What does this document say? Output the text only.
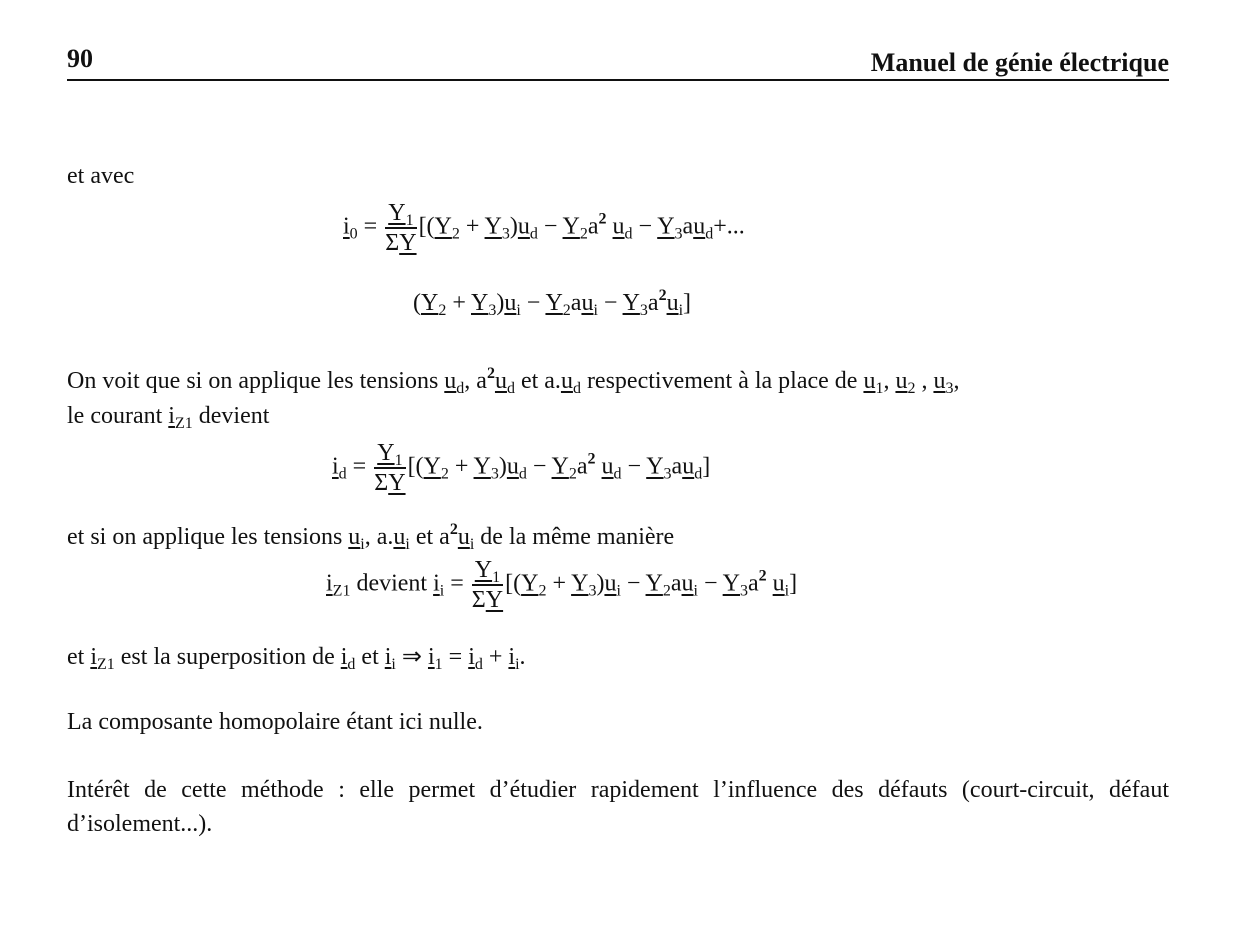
90	Manuel de génie électrique
et avec
$i_0 = \frac{Y_1}{\Sigma Y} [(Y_2 + Y_3)u_d - Y_2a^2$ $u_d - Y_3au_d+$...
$(Y_2 + Y_3)u_i - Y_2au_i - Y_3a^2u_i$]
On voit que si on applique les tensions $u_d$, $a^2u_d$ et $a.u_d$ respectivement à la place de $u_1$, $u_2$ , $u_3$,
le courant $i_{Z1}$ devient
$i_d = \frac{Y_1}{\Sigma Y} [(Y_2 + Y_3)u_d - Y_2a^2$ $u_d - Y_3au_d$]
et si on applique les tensions $u_i$, $a.u_i$ et $a^2u_i$ de la même manière
$i_{Z1}$ devient $i_i = \frac{Y_1}{\Sigma Y} [(Y_2 + Y_3)u_i - Y_2au_i - Y_3a^2$ $u_i$]
et $i_{Z1}$ est la superposition de $i_d$ et $i_i$ ⇒ $i_1 = i_d + i_i$.
La composante homopolaire étant ici nulle.
Intérêt de cette méthode : elle permet d’étudier rapidement l’influence des défauts (court-circuit, défaut d’isolement...).
